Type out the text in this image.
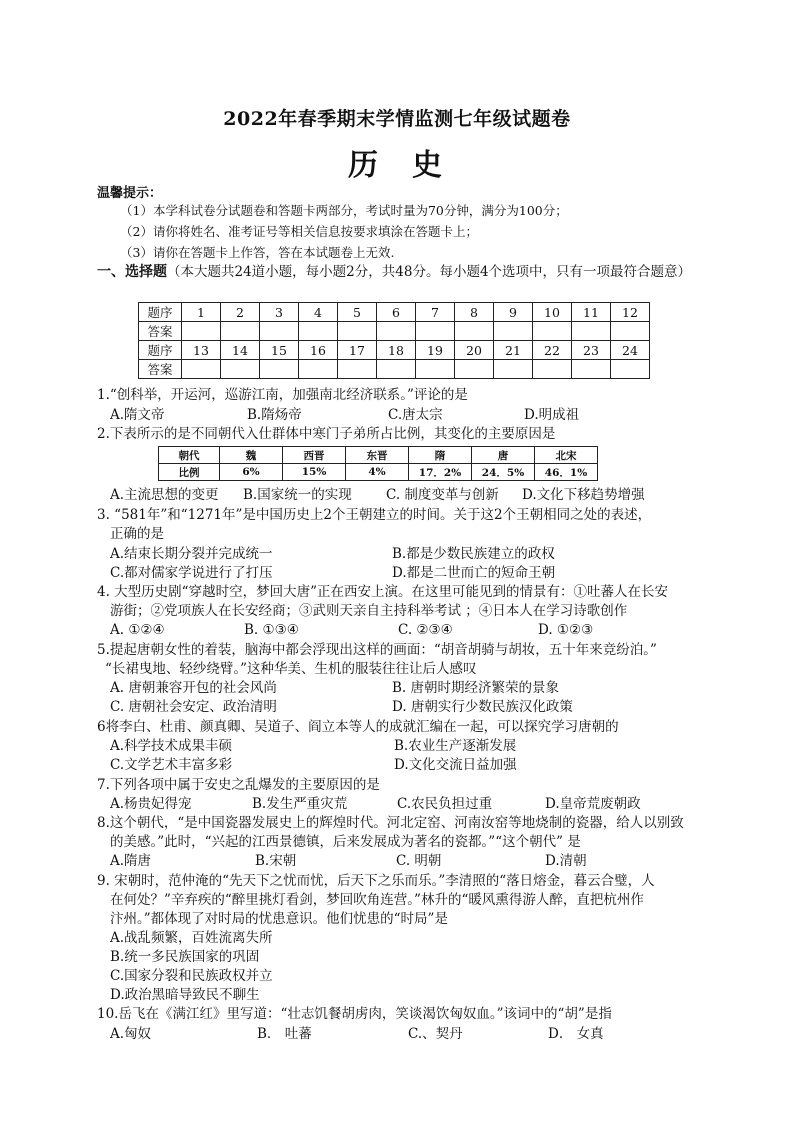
2022年春季期末学情监测七年级试题卷
历史
温馨提示：
（1）本学科试卷分试题卷和答题卡两部分，考试时量为70分钟，满分为100分；
（2）请你将姓名、准考证号等相关信息按要求填涂在答题卡上；
（3）请你在答题卡上作答，答在本试题卷上无效.
一、选择题（本大题共24道小题，每小题2分，共48分。每小题4个选项中，只有一项最符合题意）
题序	1	2	3	4	5	6	7	8	9	10	11	12
答案												
题序	13	14	15	16	17	18	19	20	21	22	23	24
答案												
1.“创科举，开运河，巡游江南，加强南北经济联系。”评论的是
A.隋文帝	B.隋炀帝	C.唐太宗	D.明成祖
2.下表所示的是不同朝代入仕群体中寒门子弟所占比例，其变化的主要原因是
朝代	魏	西晋	东晋	隋	唐	北宋
比例	6%	15%	4%	17．2%	24．5%	46．1%
A.主流思想的变更 B.国家统一的实现	C. 制度变革与创新 D.文化下移趋势增强
3. “581年”和“1271年”是中国历史上2个王朝建立的时间。关于这2个王朝相同之处的表述，
正确的是
A.结束长期分裂并完成统一	B.都是少数民族建立的政权
C.都对儒家学说进行了打压	D.都是二世而亡的短命王朝
4. 大型历史剧“穿越时空，梦回大唐”正在西安上演。在这里可能见到的情景有：①吐蕃人在长安
游街；②党项族人在长安经商；③武则天亲自主持科举考试 ；④日本人在学习诗歌创作
A. ①②④	B. ①③④	C. ②③④	D. ①②③
5.提起唐朝女性的着装，脑海中都会浮现出这样的画面：“胡音胡骑与胡妆，五十年来竞纷泊。”
“长裙曳地、轻纱绕臂。”这种华美、生机的服装往往让后人感叹
A. 唐朝兼容开包的社会风尚	B. 唐朝时期经济繁荣的景象
C. 唐朝社会安定、政治清明	D. 唐朝实行少数民族汉化政策
6将李白、杜甫、颜真卿、吴道子、阎立本等人的成就汇编在一起，可以探究学习唐朝的
A.科学技术成果丰硕	B.农业生产逐渐发展
C.文学艺术丰富多彩	D.文化交流日益加强
7.下列各项中属于安史之乱爆发的主要原因的是
A.杨贵妃得宠	B.发生严重灾荒	C.农民负担过重	D.皇帝荒废朝政
8.这个朝代，“是中国瓷器发展史上的辉煌时代。河北定窑、河南汝窑等地烧制的瓷器，给人以别致
的美感。”此时，“兴起的江西景德镇，后来发展成为著名的瓷都。”“这个朝代” 是
A.隋唐	B.宋朝	C. 明朝	D.清朝
9. 宋朝时，范仲淹的“先天下之忧而忧，后天下之乐而乐。”李清照的“落日熔金，暮云合璧，人
在何处？”辛弃疾的“醉里挑灯看剑，梦回吹角连营。”林升的“暖风熏得游人醉，直把杭州作
汴州。”都体现了对时局的忧患意识。他们忧患的“时局”是
A.战乱频繁，百姓流离失所
B.统一多民族国家的巩固
C.国家分裂和民族政权并立
D.政治黑暗导致民不聊生
10.岳飞在《满江红》里写道：“壮志饥餐胡虏肉，笑谈渴饮匈奴血。”该词中的“胡”是指
A.匈奴	B． 吐蕃	C.、契丹	D． 女真
